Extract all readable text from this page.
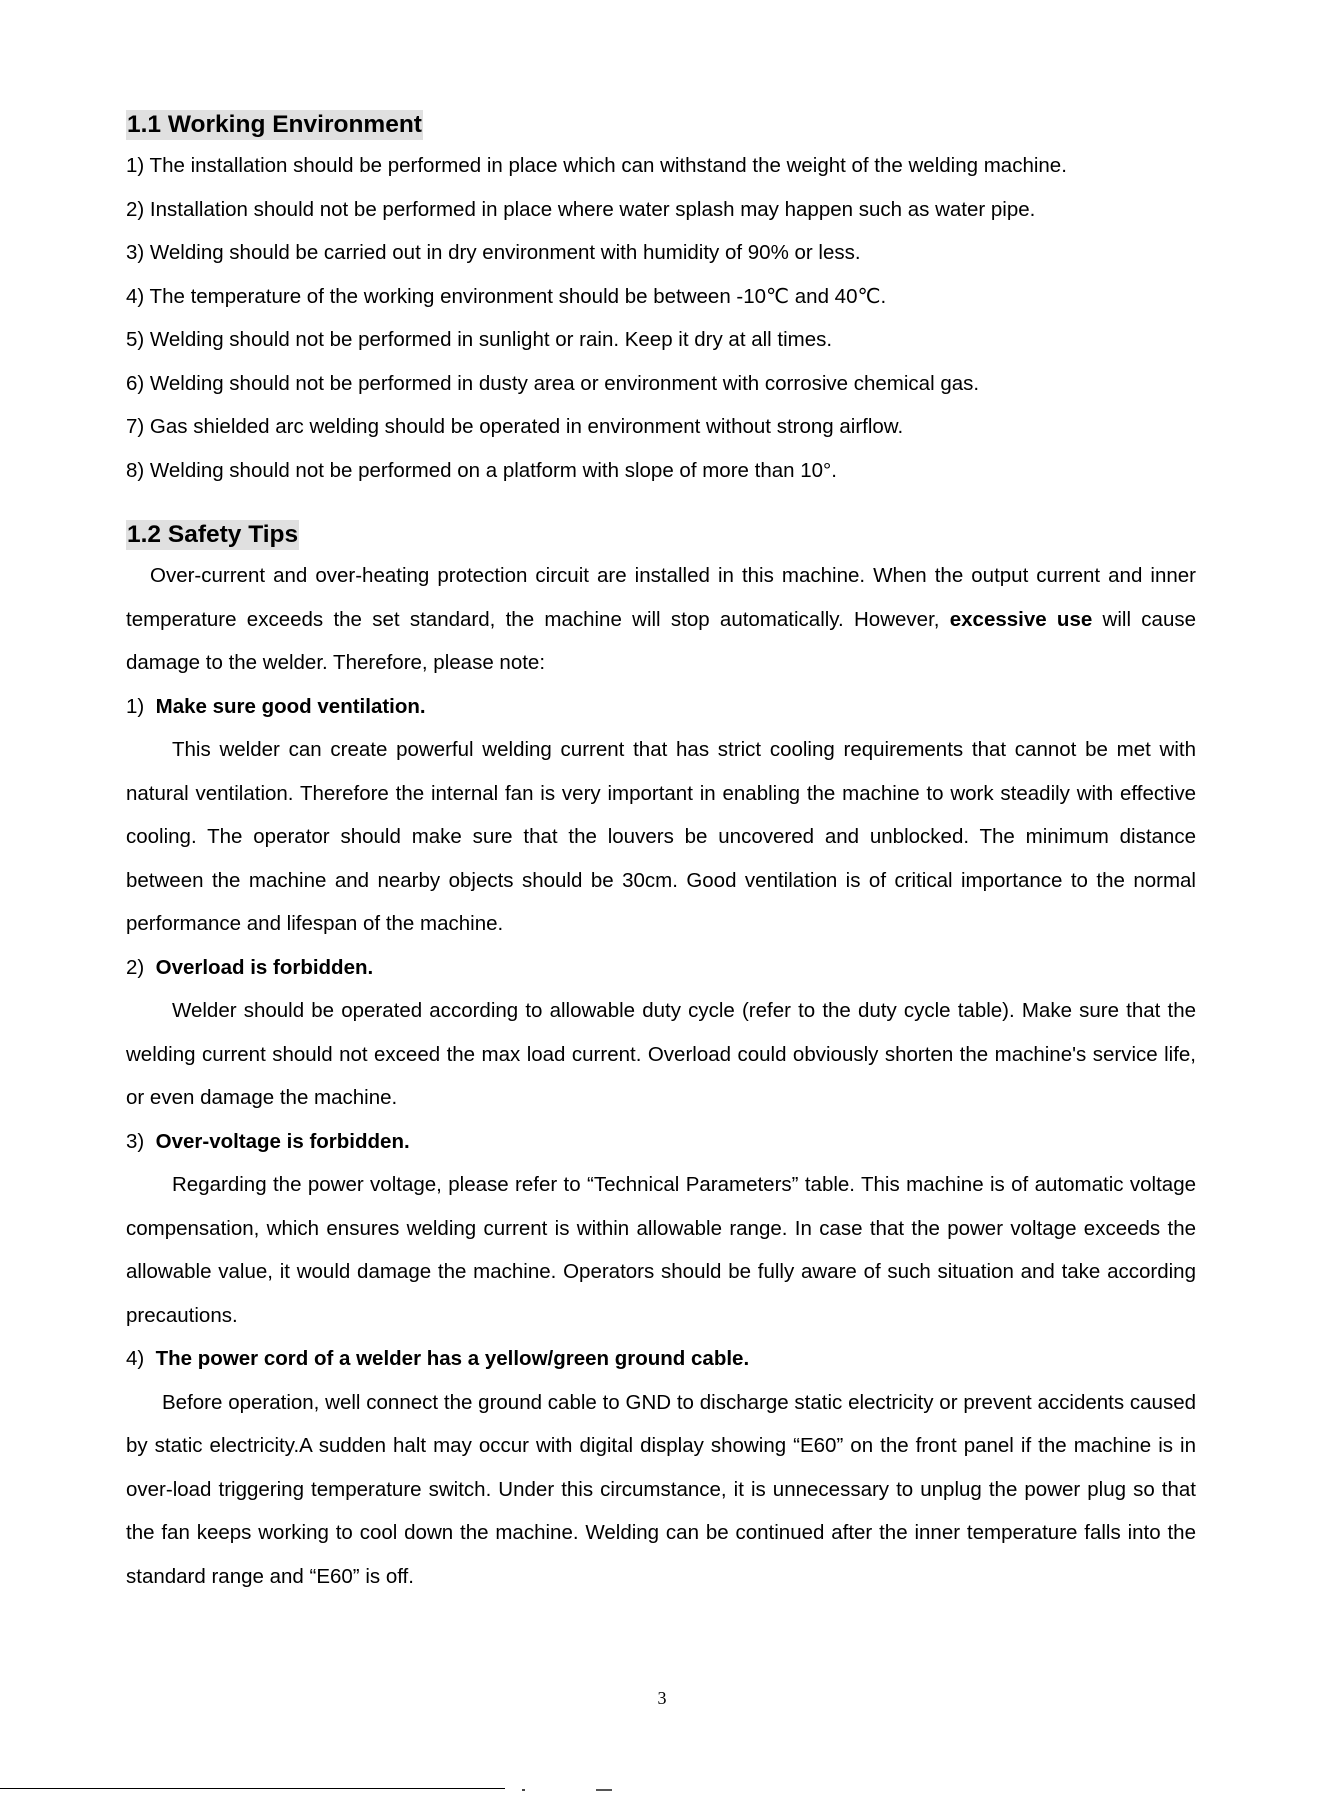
1.1 Working Environment

1) The installation should be performed in place which can withstand the weight of the welding machine.

2) Installation should not be performed in place where water splash may happen such as water pipe.

3) Welding should be carried out in dry environment with humidity of 90% or less.

4) The temperature of the working environment should be between -10℃ and 40℃.

5) Welding should not be performed in sunlight or rain. Keep it dry at all times.

6) Welding should not be performed in dusty area or environment with corrosive chemical gas.

7) Gas shielded arc welding should be operated in environment without strong airflow.

8) Welding should not be performed on a platform with slope of more than 10°.

1.2 Safety Tips

Over-current and over-heating protection circuit are installed in this machine. When the output current and inner temperature exceeds the set standard, the machine will stop automatically. However, excessive use will cause damage to the welder. Therefore, please note:

1) Make sure good ventilation.

This welder can create powerful welding current that has strict cooling requirements that cannot be met with natural ventilation. Therefore the internal fan is very important in enabling the machine to work steadily with effective cooling. The operator should make sure that the louvers be uncovered and unblocked. The minimum distance between the machine and nearby objects should be 30cm. Good ventilation is of critical importance to the normal performance and lifespan of the machine.

2) Overload is forbidden.

Welder should be operated according to allowable duty cycle (refer to the duty cycle table). Make sure that the welding current should not exceed the max load current. Overload could obviously shorten the machine's service life, or even damage the machine.

3) Over-voltage is forbidden.

Regarding the power voltage, please refer to “Technical Parameters” table. This machine is of automatic voltage compensation, which ensures welding current is within allowable range. In case that the power voltage exceeds the allowable value, it would damage the machine. Operators should be fully aware of such situation and take according precautions.

4) The power cord of a welder has a yellow/green ground cable.

Before operation, well connect the ground cable to GND to discharge static electricity or prevent accidents caused by static electricity.A sudden halt may occur with digital display showing “E60” on the front panel if the machine is in over-load triggering temperature switch. Under this circumstance, it is unnecessary to unplug the power plug so that the fan keeps working to cool down the machine. Welding can be continued after the inner temperature falls into the standard range and “E60” is off.

3
